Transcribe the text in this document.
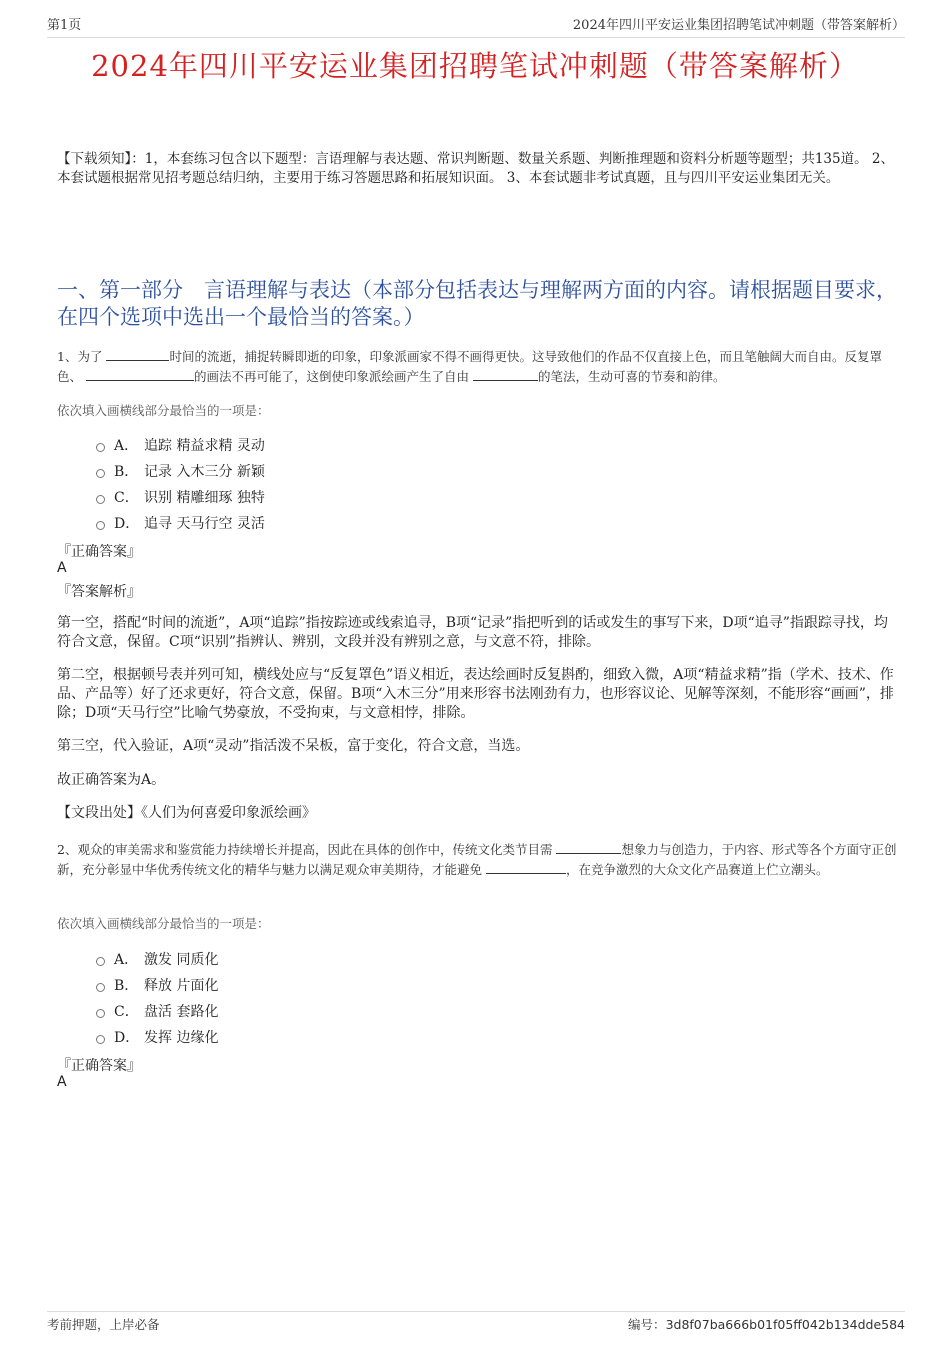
第1页	2024年四川平安运业集团招聘笔试冲刺题（带答案解析）
2024年四川平安运业集团招聘笔试冲刺题（带答案解析）
【下载须知】：1，本套练习包含以下题型：言语理解与表达题、常识判断题、数量关系题、判断推理题和资料分析题等题型；共135道。 2、本套试题根据常见招考题总结归纳，主要用于练习答题思路和拓展知识面。 3、本套试题非考试真题，且与四川平安运业集团无关。
一、第一部分　言语理解与表达（本部分包括表达与理解两方面的内容。请根据题目要求，在四个选项中选出一个最恰当的答案。）
1、为了	时间的流逝，捕捉转瞬即逝的印象，印象派画家不得不画得更快。这导致他们的作品不仅直接上色，而且笔触阔大而自由。反复罩色、	的画法不再可能了，这倒使印象派绘画产生了自由	的笔法，生动可喜的节奏和韵律。
依次填入画横线部分最恰当的一项是：
A． 追踪 精益求精 灵动
B． 记录 入木三分 新颖
C． 识别 精雕细琢 独特
D． 追寻 天马行空 灵活
『正确答案』
A
『答案解析』
第一空，搭配“时间的流逝”，A项“追踪”指按踪迹或线索追寻，B项“记录”指把听到的话或发生的事写下来，D项“追寻”指跟踪寻找，均符合文意，保留。C项“识别”指辨认、辨别，文段并没有辨别之意，与文意不符，排除。
第二空，根据顿号表并列可知，横线处应与“反复罩色”语义相近，表达绘画时反复斟酌，细致入微，A项“精益求精”指（学术、技术、作品、产品等）好了还求更好，符合文意，保留。B项“入木三分”用来形容书法刚劲有力，也形容议论、见解等深刻，不能形容“画画”，排除；D项“天马行空”比喻气势豪放，不受拘束，与文意相悖，排除。
第三空，代入验证，A项“灵动”指活泼不呆板，富于变化，符合文意，当选。
故正确答案为A。
【文段出处】《人们为何喜爱印象派绘画》
2、观众的审美需求和鉴赏能力持续增长并提高，因此在具体的创作中，传统文化类节目需	想象力与创造力，于内容、形式等各个方面守正创新，充分彰显中华优秀传统文化的精华与魅力以满足观众审美期待，才能避免	，在竞争激烈的大众文化产品赛道上伫立潮头。
依次填入画横线部分最恰当的一项是：
A． 激发 同质化
B． 释放 片面化
C． 盘活 套路化
D． 发挥 边缘化
『正确答案』
A
考前押题，上岸必备	编号：3d8f07ba666b01f05ff042b134dde584
